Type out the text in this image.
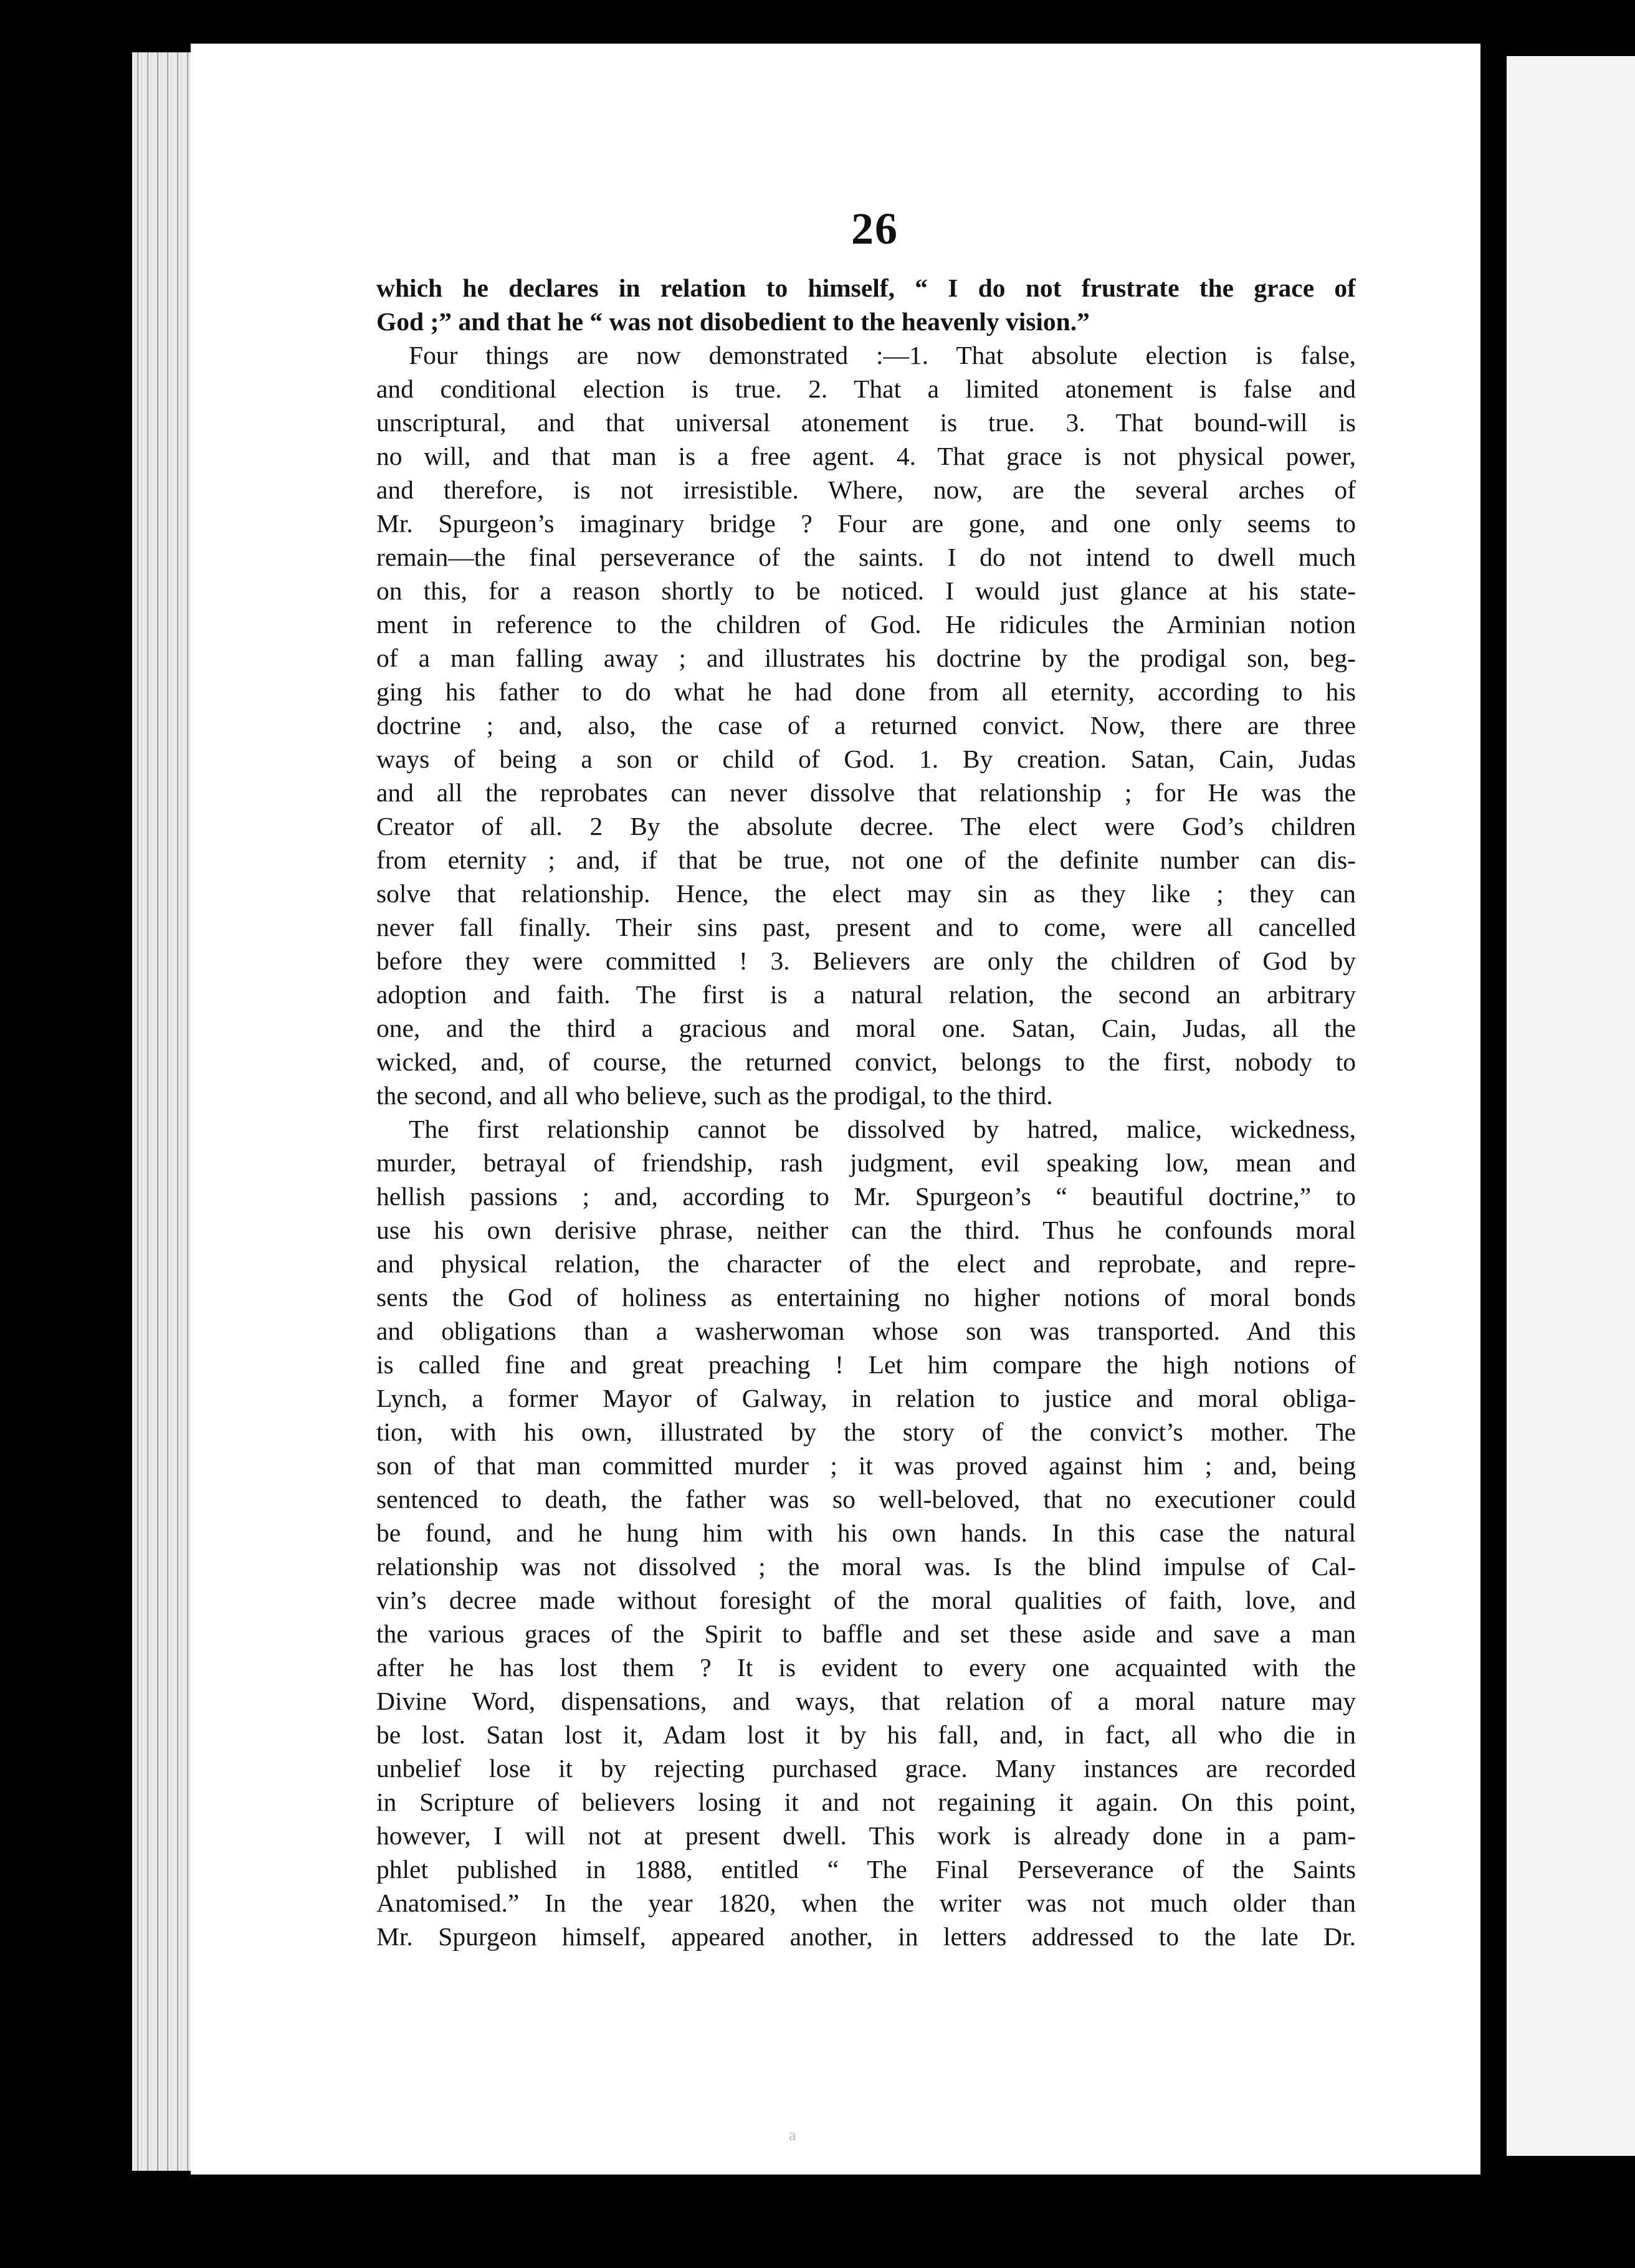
26
which he declares in relation to himself, “ I do not frustrate the grace of
God ;” and that he “ was not disobedient to the heavenly vision.”
Four things are now demonstrated :—1. That absolute election is false,
and conditional election is true. 2. That a limited atonement is false and
unscriptural, and that universal atonement is true. 3. That bound-will is
no will, and that man is a free agent. 4. That grace is not physical power,
and therefore, is not irresistible. Where, now, are the several arches of
Mr. Spurgeon’s imaginary bridge ? Four are gone, and one only seems to
remain—the final perseverance of the saints. I do not intend to dwell much
on this, for a reason shortly to be noticed. I would just glance at his state-
ment in reference to the children of God. He ridicules the Arminian notion
of a man falling away ; and illustrates his doctrine by the prodigal son, beg-
ging his father to do what he had done from all eternity, according to his
doctrine ; and, also, the case of a returned convict. Now, there are three
ways of being a son or child of God. 1. By creation. Satan, Cain, Judas
and all the reprobates can never dissolve that relationship ; for He was the
Creator of all. 2 By the absolute decree. The elect were God’s children
from eternity ; and, if that be true, not one of the definite number can dis-
solve that relationship. Hence, the elect may sin as they like ; they can
never fall finally. Their sins past, present and to come, were all cancelled
before they were committed ! 3. Believers are only the children of God by
adoption and faith. The first is a natural relation, the second an arbitrary
one, and the third a gracious and moral one. Satan, Cain, Judas, all the
wicked, and, of course, the returned convict, belongs to the first, nobody to
the second, and all who believe, such as the prodigal, to the third.
The first relationship cannot be dissolved by hatred, malice, wickedness,
murder, betrayal of friendship, rash judgment, evil speaking low, mean and
hellish passions ; and, according to Mr. Spurgeon’s “ beautiful doctrine,” to
use his own derisive phrase, neither can the third. Thus he confounds moral
and physical relation, the character of the elect and reprobate, and repre-
sents the God of holiness as entertaining no higher notions of moral bonds
and obligations than a washerwoman whose son was transported. And this
is called fine and great preaching ! Let him compare the high notions of
Lynch, a former Mayor of Galway, in relation to justice and moral obliga-
tion, with his own, illustrated by the story of the convict’s mother. The
son of that man committed murder ; it was proved against him ; and, being
sentenced to death, the father was so well-beloved, that no executioner could
be found, and he hung him with his own hands. In this case the natural
relationship was not dissolved ; the moral was. Is the blind impulse of Cal-
vin’s decree made without foresight of the moral qualities of faith, love, and
the various graces of the Spirit to baffle and set these aside and save a man
after he has lost them ? It is evident to every one acquainted with the
Divine Word, dispensations, and ways, that relation of a moral nature may
be lost. Satan lost it, Adam lost it by his fall, and, in fact, all who die in
unbelief lose it by rejecting purchased grace. Many instances are recorded
in Scripture of believers losing it and not regaining it again. On this point,
however, I will not at present dwell. This work is already done in a pam-
phlet published in 1888, entitled “ The Final Perseverance of the Saints
Anatomised.” In the year 1820, when the writer was not much older than
Mr. Spurgeon himself, appeared another, in letters addressed to the late Dr.
a
